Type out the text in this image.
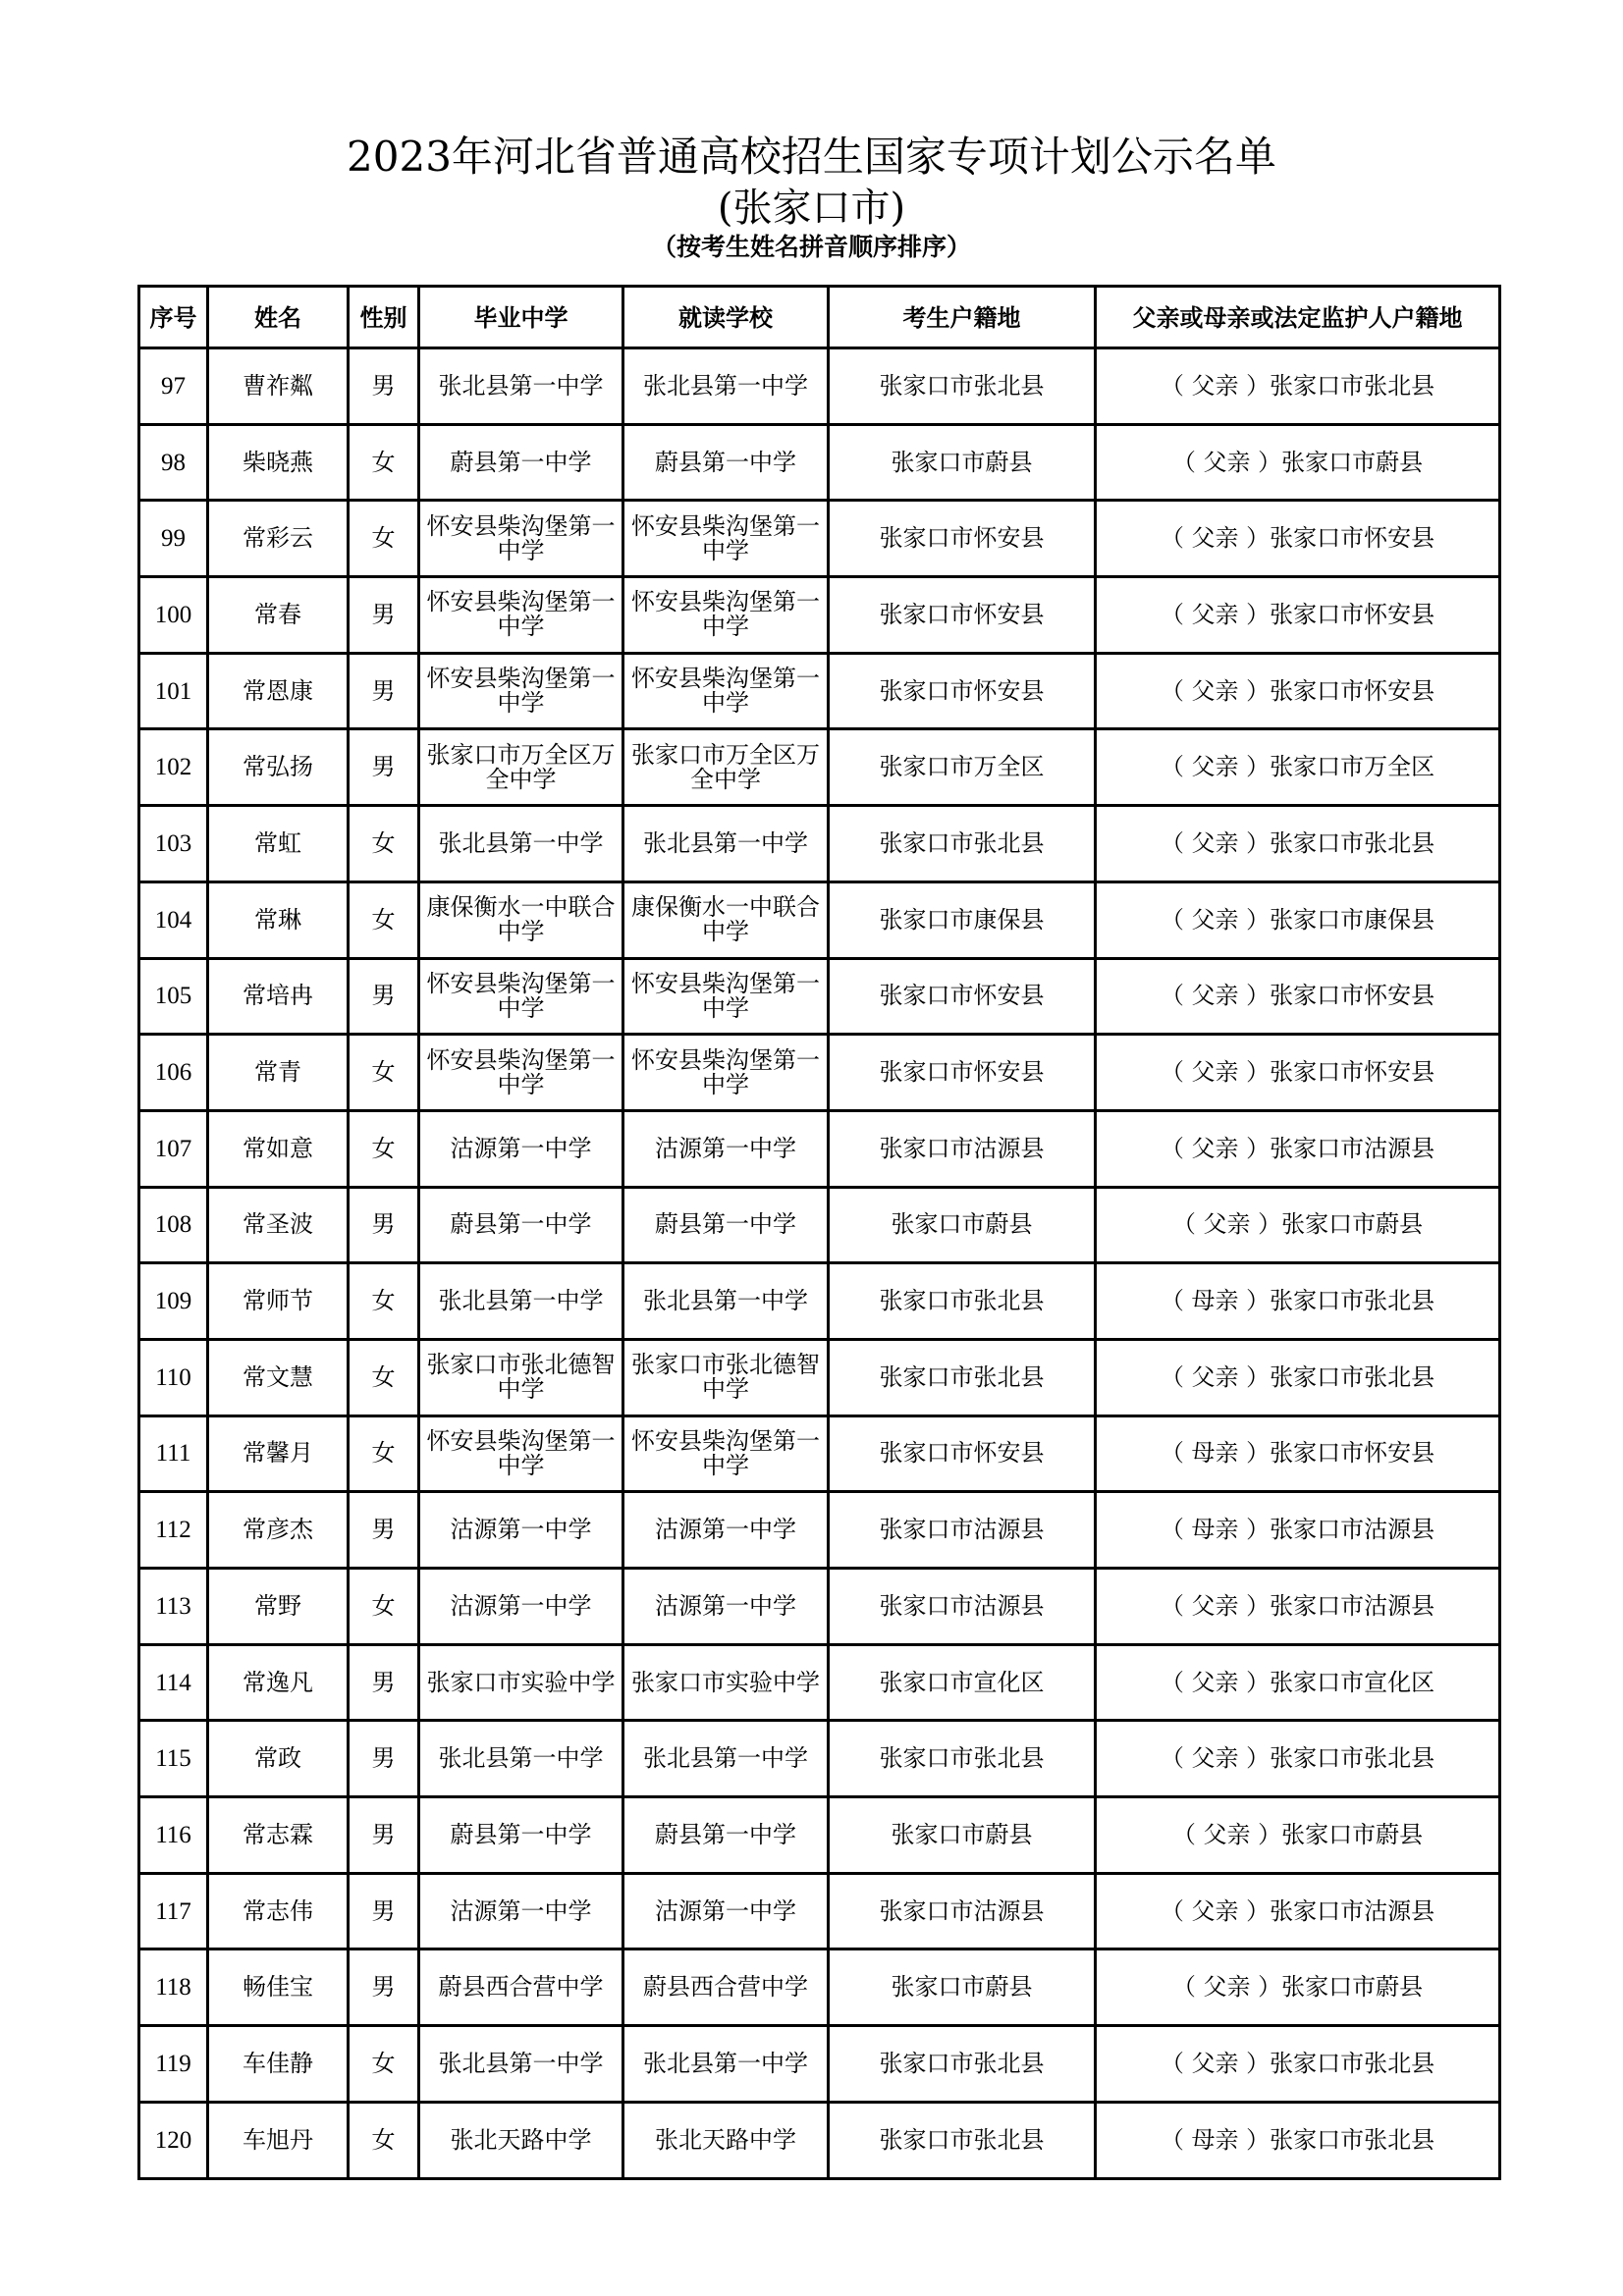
2023年河北省普通高校招生国家专项计划公示名单
(张家口市)
（按考生姓名拼音顺序排序）
序号	姓名	性别	毕业中学	就读学校	考生户籍地	父亲或母亲或法定监护人户籍地
97	曹祚粼	男	张北县第一中学	张北县第一中学	张家口市张北县	（ 父亲 ）张家口市张北县
98	柴晓燕	女	蔚县第一中学	蔚县第一中学	张家口市蔚县	（ 父亲 ）张家口市蔚县
99	常彩云	女	怀安县柴沟堡第一中学	怀安县柴沟堡第一中学	张家口市怀安县	（ 父亲 ）张家口市怀安县
100	常春	男	怀安县柴沟堡第一中学	怀安县柴沟堡第一中学	张家口市怀安县	（ 父亲 ）张家口市怀安县
101	常恩康	男	怀安县柴沟堡第一中学	怀安县柴沟堡第一中学	张家口市怀安县	（ 父亲 ）张家口市怀安县
102	常弘扬	男	张家口市万全区万全中学	张家口市万全区万全中学	张家口市万全区	（ 父亲 ）张家口市万全区
103	常虹	女	张北县第一中学	张北县第一中学	张家口市张北县	（ 父亲 ）张家口市张北县
104	常琳	女	康保衡水一中联合中学	康保衡水一中联合中学	张家口市康保县	（ 父亲 ）张家口市康保县
105	常培冉	男	怀安县柴沟堡第一中学	怀安县柴沟堡第一中学	张家口市怀安县	（ 父亲 ）张家口市怀安县
106	常青	女	怀安县柴沟堡第一中学	怀安县柴沟堡第一中学	张家口市怀安县	（ 父亲 ）张家口市怀安县
107	常如意	女	沽源第一中学	沽源第一中学	张家口市沽源县	（ 父亲 ）张家口市沽源县
108	常圣波	男	蔚县第一中学	蔚县第一中学	张家口市蔚县	（ 父亲 ）张家口市蔚县
109	常师节	女	张北县第一中学	张北县第一中学	张家口市张北县	（ 母亲 ）张家口市张北县
110	常文慧	女	张家口市张北德智中学	张家口市张北德智中学	张家口市张北县	（ 父亲 ）张家口市张北县
111	常馨月	女	怀安县柴沟堡第一中学	怀安县柴沟堡第一中学	张家口市怀安县	（ 母亲 ）张家口市怀安县
112	常彦杰	男	沽源第一中学	沽源第一中学	张家口市沽源县	（ 母亲 ）张家口市沽源县
113	常野	女	沽源第一中学	沽源第一中学	张家口市沽源县	（ 父亲 ）张家口市沽源县
114	常逸凡	男	张家口市实验中学	张家口市实验中学	张家口市宣化区	（ 父亲 ）张家口市宣化区
115	常政	男	张北县第一中学	张北县第一中学	张家口市张北县	（ 父亲 ）张家口市张北县
116	常志霖	男	蔚县第一中学	蔚县第一中学	张家口市蔚县	（ 父亲 ）张家口市蔚县
117	常志伟	男	沽源第一中学	沽源第一中学	张家口市沽源县	（ 父亲 ）张家口市沽源县
118	畅佳宝	男	蔚县西合营中学	蔚县西合营中学	张家口市蔚县	（ 父亲 ）张家口市蔚县
119	车佳静	女	张北县第一中学	张北县第一中学	张家口市张北县	（ 父亲 ）张家口市张北县
120	车旭丹	女	张北天路中学	张北天路中学	张家口市张北县	（ 母亲 ）张家口市张北县
